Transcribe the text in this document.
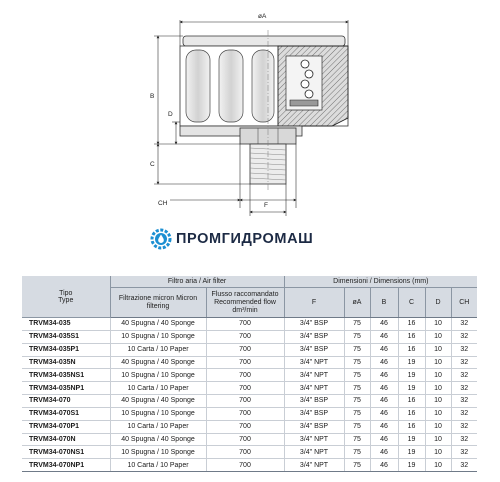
øA
B
D
C
CH	F
ПРОМГИДРОМАШ
Tipo
Type	Filtro aria / Air filter		Dimensioni / Dimensions (mm)					
	Filtrazione micron Micron filtering	Flusso raccomandato
Recommended flow
dm³/min	F	øA	B	C	D	CH
TRVM34-035	40 Spugna / 40 Sponge	700	3/4" BSP	75	46	16	10	32
TRVM34-035S1	10 Spugna / 10 Sponge	700	3/4" BSP	75	46	16	10	32
TRVM34-035P1	10 Carta / 10 Paper	700	3/4" BSP	75	46	16	10	32
TRVM34-035N	40 Spugna / 40 Sponge	700	3/4" NPT	75	46	19	10	32
TRVM34-035NS1	10 Spugna / 10 Sponge	700	3/4" NPT	75	46	19	10	32
TRVM34-035NP1	10 Carta / 10 Paper	700	3/4" NPT	75	46	19	10	32
TRVM34-070	40 Spugna / 40 Sponge	700	3/4" BSP	75	46	16	10	32
TRVM34-070S1	10 Spugna / 10 Sponge	700	3/4" BSP	75	46	16	10	32
TRVM34-070P1	10 Carta / 10 Paper	700	3/4" BSP	75	46	16	10	32
TRVM34-070N	40 Spugna / 40 Sponge	700	3/4" NPT	75	46	19	10	32
TRVM34-070NS1	10 Spugna / 10 Sponge	700	3/4" NPT	75	46	19	10	32
TRVM34-070NP1	10 Carta / 10 Paper	700	3/4" NPT	75	46	19	10	32
